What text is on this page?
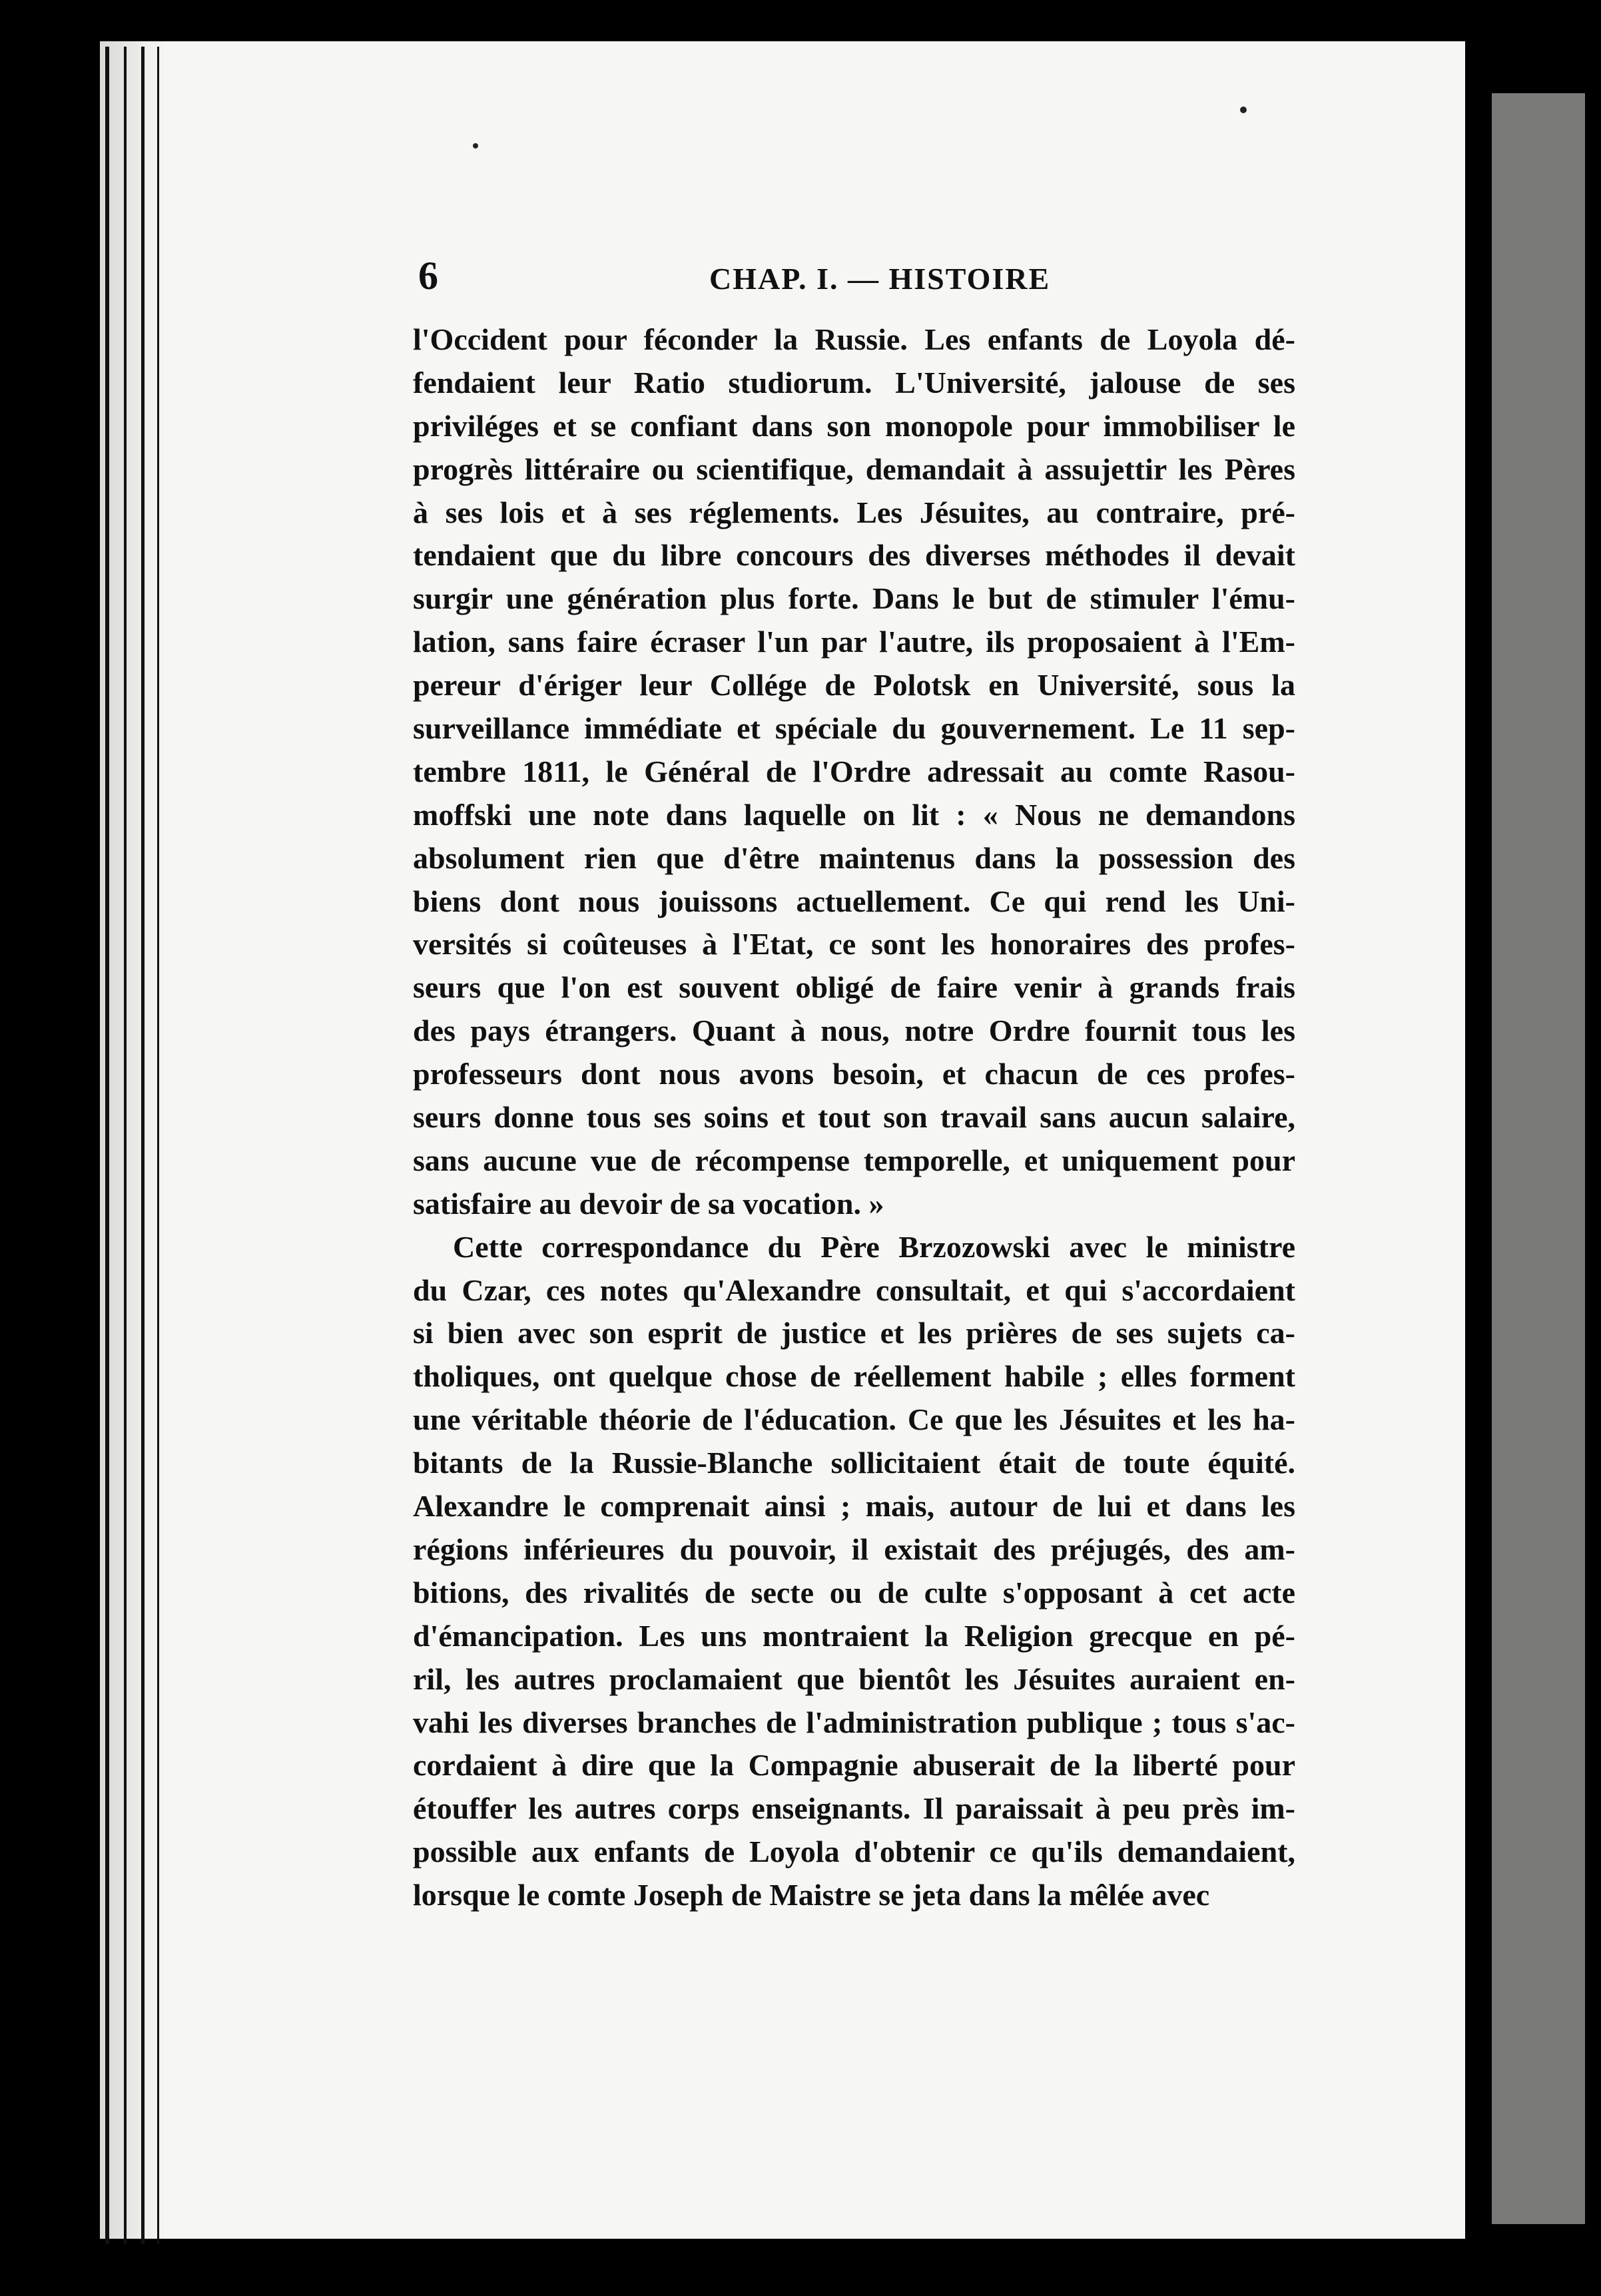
6	CHAP. I. — HISTOIRE
l'Occident pour féconder la Russie. Les enfants de Loyola dé-
fendaient leur Ratio studiorum. L'Université, jalouse de ses
priviléges et se confiant dans son monopole pour immobiliser le
progrès littéraire ou scientifique, demandait à assujettir les Pères
à ses lois et à ses réglements. Les Jésuites, au contraire, pré-
tendaient que du libre concours des diverses méthodes il devait
surgir une génération plus forte. Dans le but de stimuler l'ému-
lation, sans faire écraser l'un par l'autre, ils proposaient à l'Em-
pereur d'ériger leur Collége de Polotsk en Université, sous la
surveillance immédiate et spéciale du gouvernement. Le 11 sep-
tembre 1811, le Général de l'Ordre adressait au comte Rasou-
moffski une note dans laquelle on lit : « Nous ne demandons
absolument rien que d'être maintenus dans la possession des
biens dont nous jouissons actuellement. Ce qui rend les Uni-
versités si coûteuses à l'Etat, ce sont les honoraires des profes-
seurs que l'on est souvent obligé de faire venir à grands frais
des pays étrangers. Quant à nous, notre Ordre fournit tous les
professeurs dont nous avons besoin, et chacun de ces profes-
seurs donne tous ses soins et tout son travail sans aucun salaire,
sans aucune vue de récompense temporelle, et uniquement pour
satisfaire au devoir de sa vocation. »
Cette correspondance du Père Brzozowski avec le ministre
du Czar, ces notes qu'Alexandre consultait, et qui s'accordaient
si bien avec son esprit de justice et les prières de ses sujets ca-
tholiques, ont quelque chose de réellement habile ; elles forment
une véritable théorie de l'éducation. Ce que les Jésuites et les ha-
bitants de la Russie-Blanche sollicitaient était de toute équité.
Alexandre le comprenait ainsi ; mais, autour de lui et dans les
régions inférieures du pouvoir, il existait des préjugés, des am-
bitions, des rivalités de secte ou de culte s'opposant à cet acte
d'émancipation. Les uns montraient la Religion grecque en pé-
ril, les autres proclamaient que bientôt les Jésuites auraient en-
vahi les diverses branches de l'administration publique ; tous s'ac-
cordaient à dire que la Compagnie abuserait de la liberté pour
étouffer les autres corps enseignants. Il paraissait à peu près im-
possible aux enfants de Loyola d'obtenir ce qu'ils demandaient,
lorsque le comte Joseph de Maistre se jeta dans la mêlée avec
